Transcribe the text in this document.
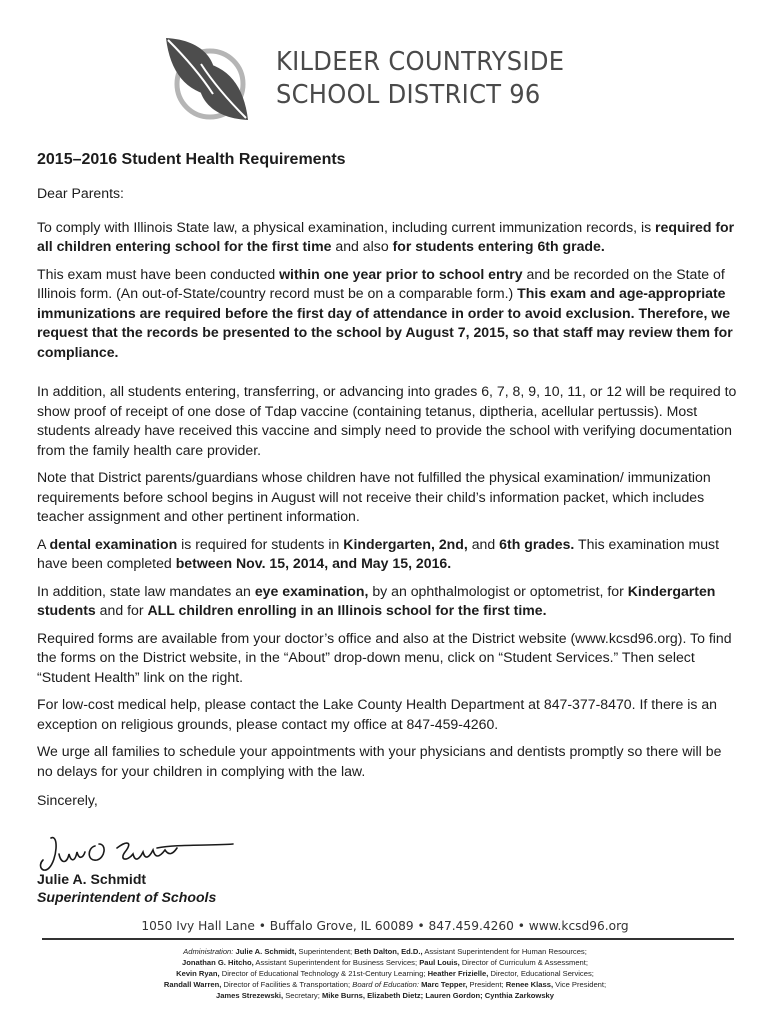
KILDEER COUNTRYSIDE
SCHOOL DISTRICT 96
2015–2016 Student Health Requirements

Dear Parents:

To comply with Illinois State law, a physical examination, including current immunization records, is required for all children entering school for the first time and also for students entering 6th grade.

This exam must have been conducted within one year prior to school entry and be recorded on the State of Illinois form. (An out-of-State/country record must be on a comparable form.) This exam and age-appropriate immunizations are required before the first day of attendance in order to avoid exclusion. Therefore, we request that the records be presented to the school by August 7, 2015, so that staff may review them for compliance.

In addition, all students entering, transferring, or advancing into grades 6, 7, 8, 9, 10, 11, or 12 will be required to show proof of receipt of one dose of Tdap vaccine (containing tetanus, diptheria, acellular pertussis). Most students already have received this vaccine and simply need to provide the school with verifying documentation from the family health care provider.

Note that District parents/guardians whose children have not fulfilled the physical examination/ immunization requirements before school begins in August will not receive their child’s information packet, which includes teacher assignment and other pertinent information.

A dental examination is required for students in Kindergarten, 2nd, and 6th grades. This examination must have been completed between Nov. 15, 2014, and May 15, 2016.

In addition, state law mandates an eye examination, by an ophthalmologist or optometrist, for Kindergarten students and for ALL children enrolling in an Illinois school for the first time.

Required forms are available from your doctor’s office and also at the District website (www.kcsd96.org). To find the forms on the District website, in the “About” drop-down menu, click on “Student Services.” Then select “Student Health” link on the right.

For low-cost medical help, please contact the Lake County Health Department at 847-377-8470. If there is an exception on religious grounds, please contact my office at 847-459-4260.

We urge all families to schedule your appointments with your physicians and dentists promptly so there will be no delays for your children in complying with the law.

Sincerely,

Julie A. Schmidt
Superintendent of Schools
1050 Ivy Hall Lane • Buffalo Grove, IL 60089 • 847.459.4260 • www.kcsd96.org
Administration: Julie A. Schmidt, Superintendent; Beth Dalton, Ed.D., Assistant Superintendent for Human Resources;
Jonathan G. Hitcho, Assistant Superintendent for Business Services; Paul Louis, Director of Curriculum & Assessment;
Kevin Ryan, Director of Educational Technology & 21st-Century Learning; Heather Frizielle, Director, Educational Services;
Randall Warren, Director of Facilities & Transportation; Board of Education: Marc Tepper, President; Renee Klass, Vice President;
James Strezewski, Secretary; Mike Burns, Elizabeth Dietz; Lauren Gordon; Cynthia Zarkowsky
